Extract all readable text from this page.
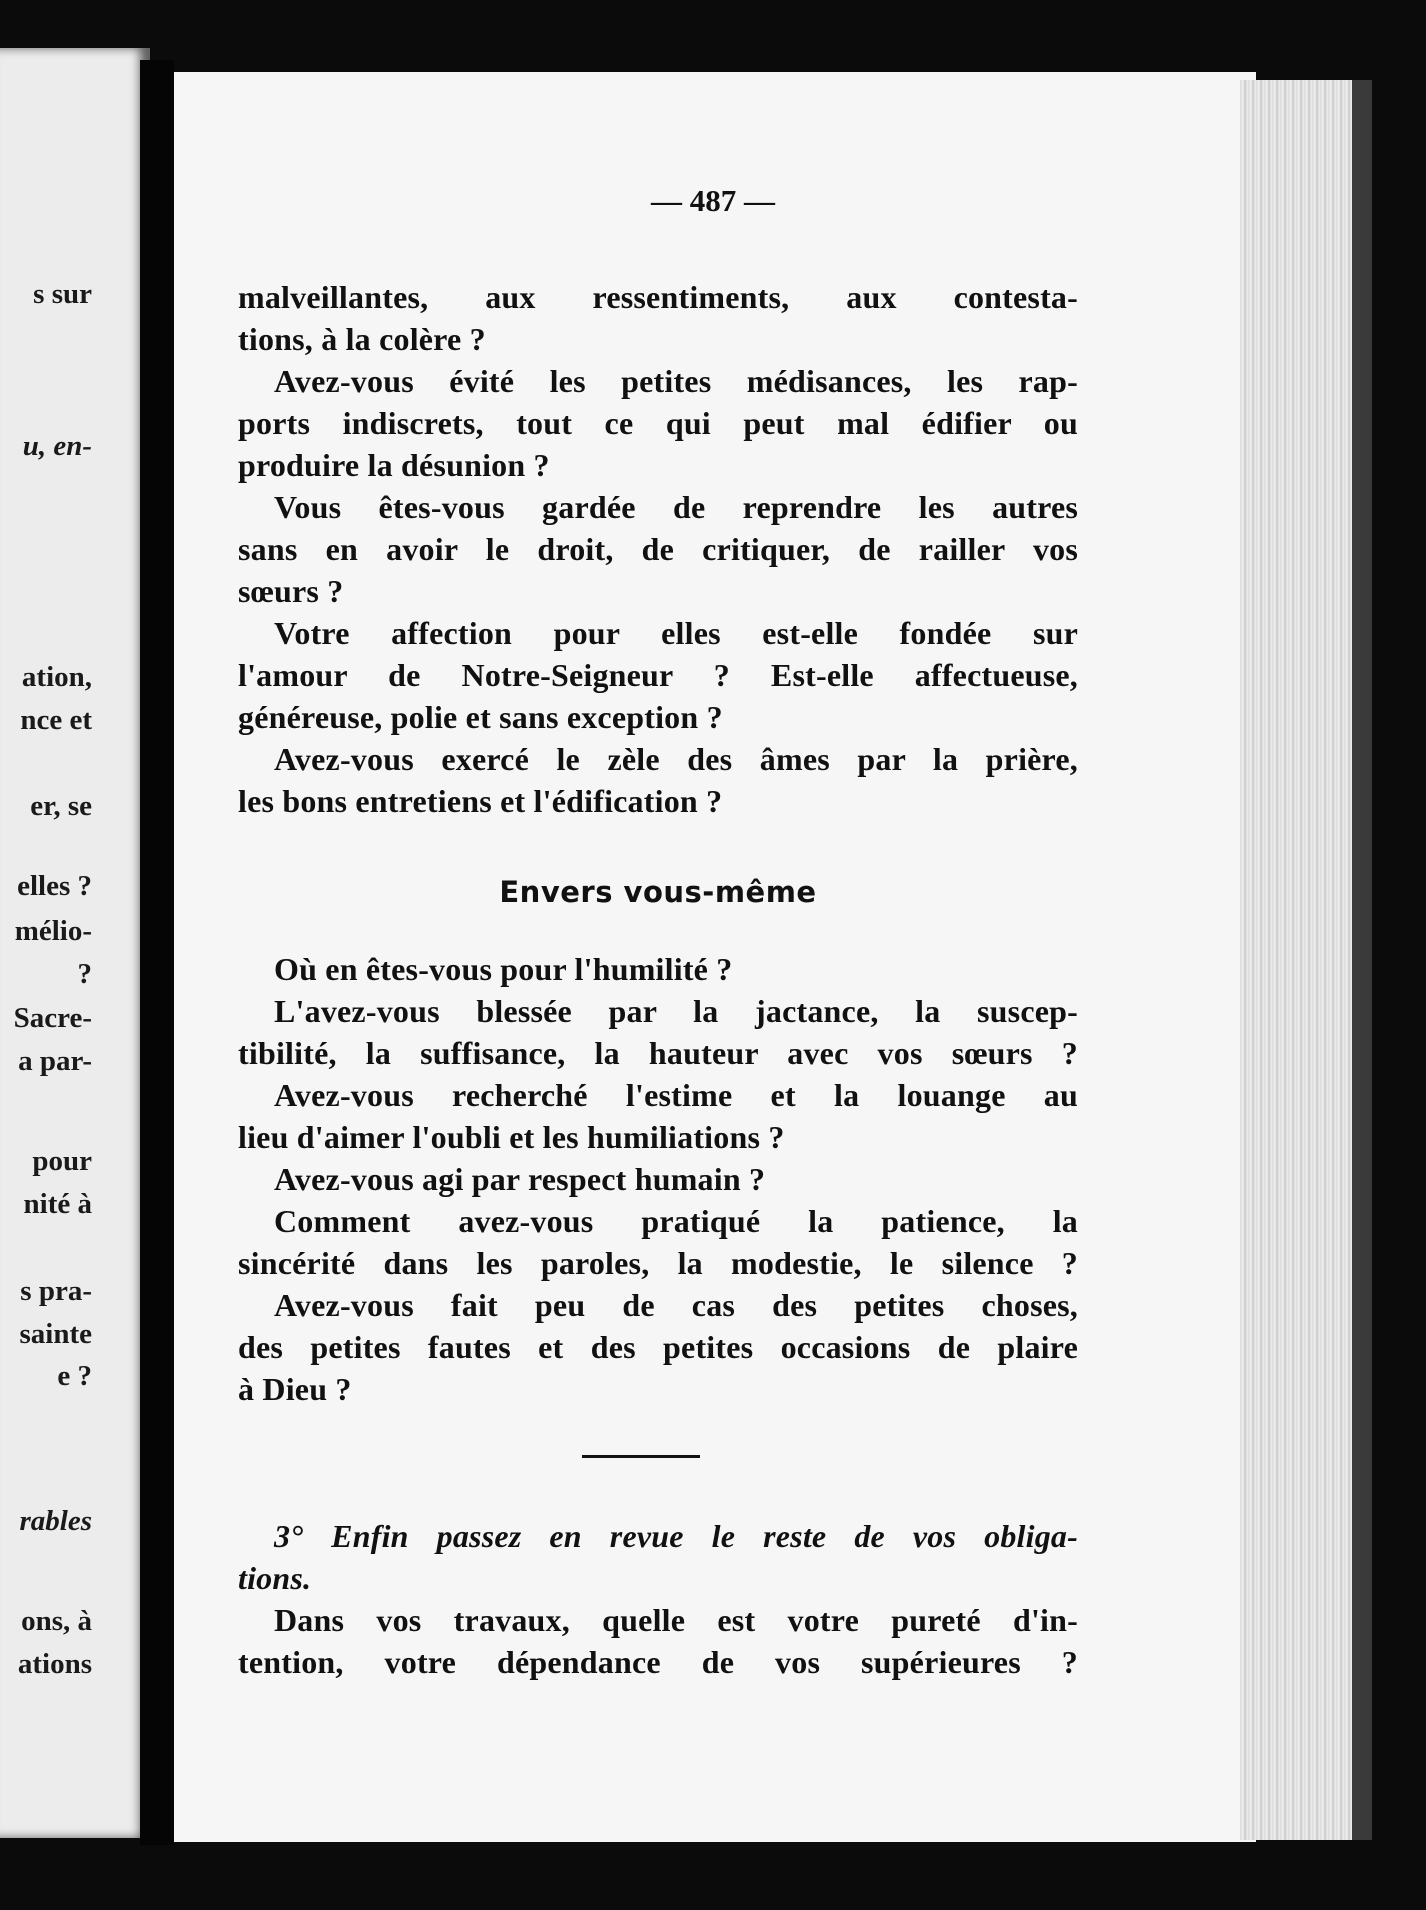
s sur
u, en-
ation,
nce et
er, se
elles ?
mélio-
?
Sacre-
a par-
pour
nité à
s pra-
sainte
e ?
rables
ons, à
ations
— 487 —
malveillantes, aux ressentiments, aux contesta-
tions, à la colère ?
Avez-vous évité les petites médisances, les rap-
ports indiscrets, tout ce qui peut mal édifier ou
produire la désunion ?
Vous êtes-vous gardée de reprendre les autres
sans en avoir le droit, de critiquer, de railler vos
sœurs ?
Votre affection pour elles est-elle fondée sur
l'amour de Notre-Seigneur ? Est-elle affectueuse,
généreuse, polie et sans exception ?
Avez-vous exercé le zèle des âmes par la prière,
les bons entretiens et l'édification ?
Envers vous-même
Où en êtes-vous pour l'humilité ?
L'avez-vous blessée par la jactance, la suscep-
tibilité, la suffisance, la hauteur avec vos sœurs ?
Avez-vous recherché l'estime et la louange au
lieu d'aimer l'oubli et les humiliations ?
Avez-vous agi par respect humain ?
Comment avez-vous pratiqué la patience, la
sincérité dans les paroles, la modestie, le silence ?
Avez-vous fait peu de cas des petites choses,
des petites fautes et des petites occasions de plaire
à Dieu ?
3° Enfin passez en revue le reste de vos obliga-
tions.
Dans vos travaux, quelle est votre pureté d'in-
tention, votre dépendance de vos supérieures ?
